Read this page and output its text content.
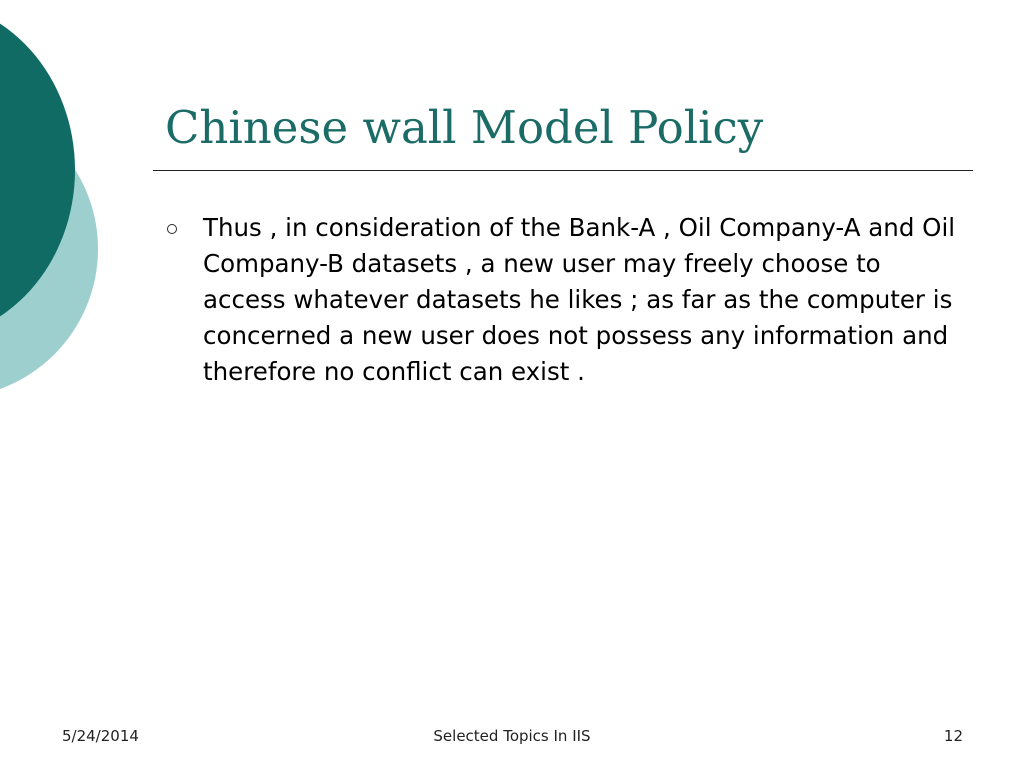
Chinese wall Model Policy
Thus , in consideration of the Bank-A , Oil Company-A and Oil Company-B datasets , a new user may freely choose to access whatever datasets he likes ; as far as the computer is concerned a new user does not possess any information and therefore no conflict can exist .
5/24/2014	Selected Topics In IIS	12
